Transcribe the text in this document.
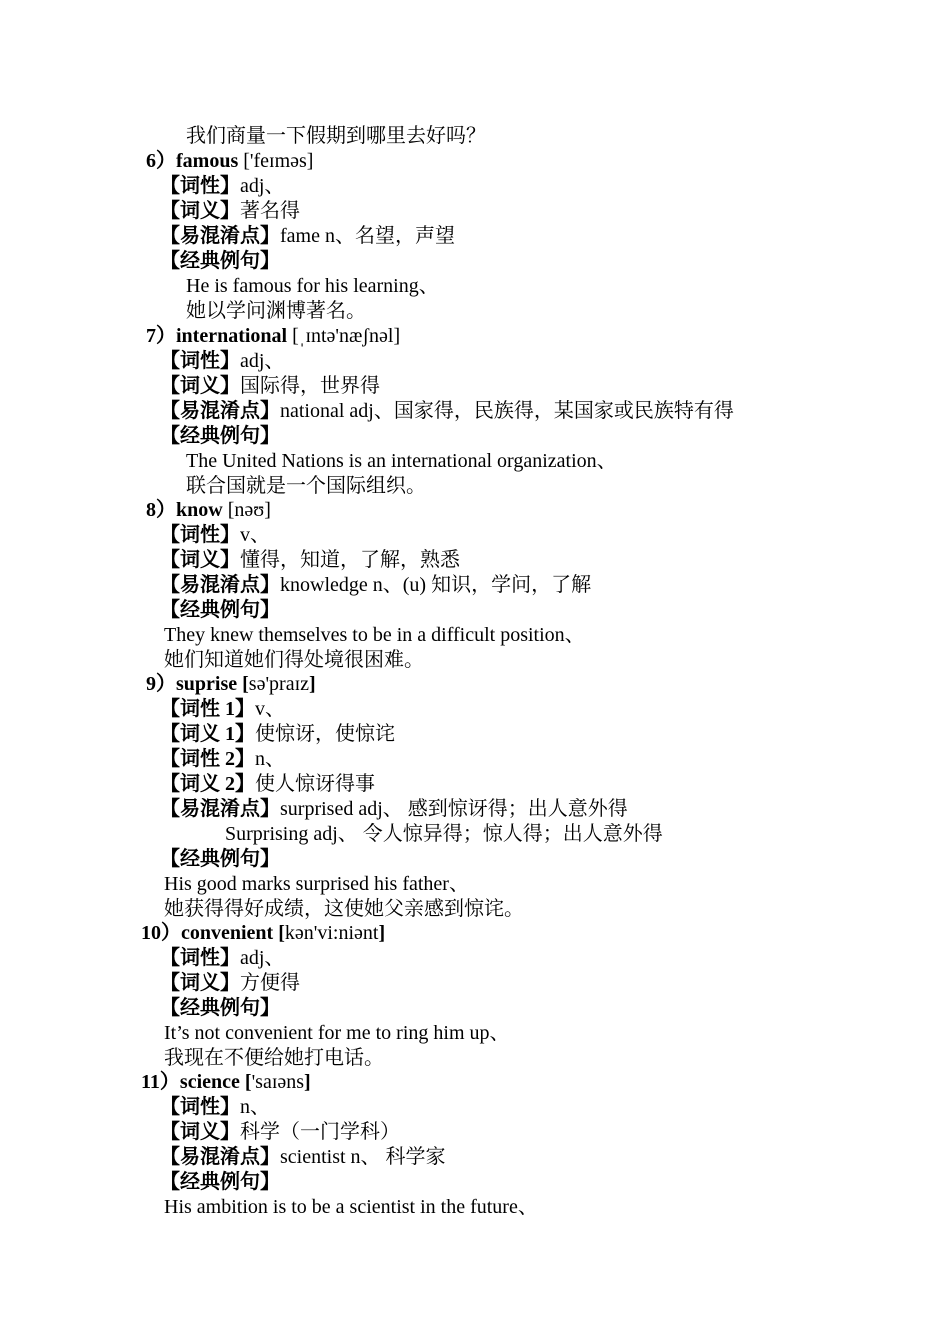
我们商量一下假期到哪里去好吗？
6）famous ['feɪməs]
【词性】adj、
【词义】著名得
【易混淆点】fame n、名望，声望
【经典例句】
He is famous for his learning、
她以学问渊博著名。
7）international [ˌɪntə'næʃnəl]
【词性】adj、
【词义】国际得，世界得
【易混淆点】national adj、国家得，民族得，某国家或民族特有得
【经典例句】
The United Nations is an international organization、
联合国就是一个国际组织。
8）know [nəʊ]
【词性】v、
【词义】懂得，知道，了解，熟悉
【易混淆点】knowledge n、(u) 知识，学问，了解
【经典例句】
They knew themselves to be in a difficult position、
她们知道她们得处境很困难。
9）suprise [sə'praɪz]
【词性 1】v、
【词义 1】使惊讶，使惊诧
【词性 2】n、
【词义 2】使人惊讶得事
【易混淆点】surprised adj、 感到惊讶得；出人意外得
Surprising adj、 令人惊异得；惊人得；出人意外得
【经典例句】
His good marks surprised his father、
她获得得好成绩，这使她父亲感到惊诧。
10）convenient [kən'vi:niənt]
【词性】adj、
【词义】方便得
【经典例句】
It’s not convenient for me to ring him up、
我现在不便给她打电话。
11）science ['saɪəns]
【词性】n、
【词义】科学（一门学科）
【易混淆点】scientist n、 科学家
【经典例句】
His ambition is to be a scientist in the future、
